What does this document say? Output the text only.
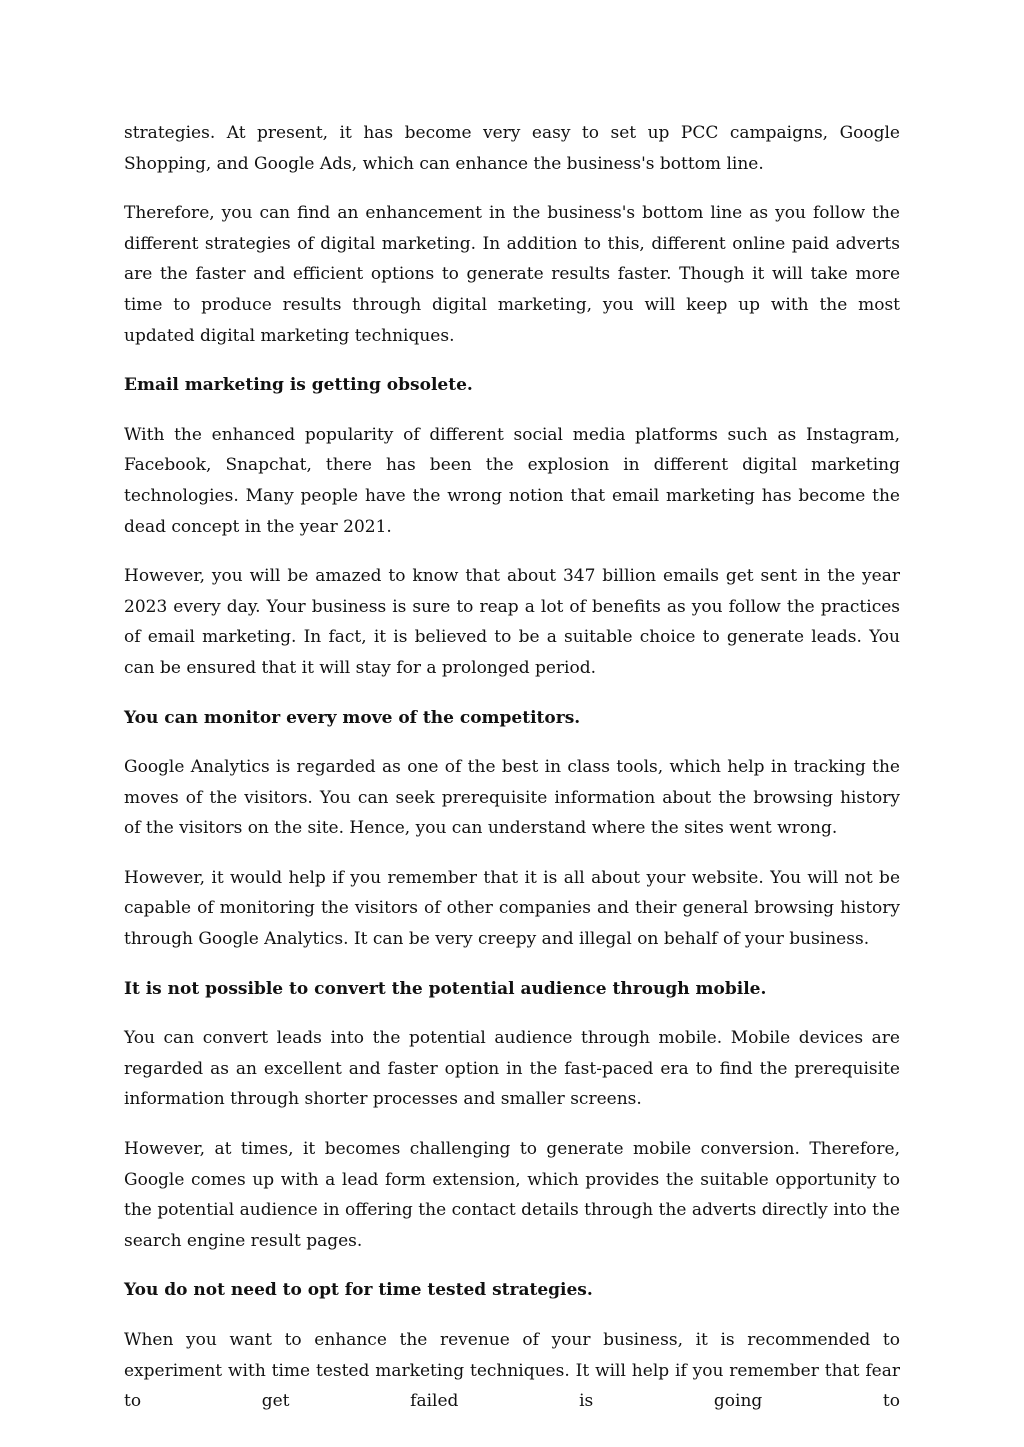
strategies. At present, it has become very easy to set up PCC campaigns, Google Shopping, and Google Ads, which can enhance the business's bottom line.

Therefore, you can find an enhancement in the business's bottom line as you follow the different strategies of digital marketing. In addition to this, different online paid adverts are the faster and efficient options to generate results faster. Though it will take more time to produce results through digital marketing, you will keep up with the most updated digital marketing techniques.

Email marketing is getting obsolete.

With the enhanced popularity of different social media platforms such as Instagram, Facebook, Snapchat, there has been the explosion in different digital marketing technologies. Many people have the wrong notion that email marketing has become the dead concept in the year 2021.

However, you will be amazed to know that about 347 billion emails get sent in the year 2023 every day. Your business is sure to reap a lot of benefits as you follow the practices of email marketing. In fact, it is believed to be a suitable choice to generate leads. You can be ensured that it will stay for a prolonged period.

You can monitor every move of the competitors.

Google Analytics is regarded as one of the best in class tools, which help in tracking the moves of the visitors. You can seek prerequisite information about the browsing history of the visitors on the site. Hence, you can understand where the sites went wrong.

However, it would help if you remember that it is all about your website. You will not be capable of monitoring the visitors of other companies and their general browsing history through Google Analytics. It can be very creepy and illegal on behalf of your business.

It is not possible to convert the potential audience through mobile.

You can convert leads into the potential audience through mobile. Mobile devices are regarded as an excellent and faster option in the fast-paced era to find the prerequisite information through shorter processes and smaller screens.

However, at times, it becomes challenging to generate mobile conversion. Therefore, Google comes up with a lead form extension, which provides the suitable opportunity to the potential audience in offering the contact details through the adverts directly into the search engine result pages.

You do not need to opt for time tested strategies.

When you want to enhance the revenue of your business, it is recommended to experiment with time tested marketing techniques. It will help if you remember that fear to get failed is going to
